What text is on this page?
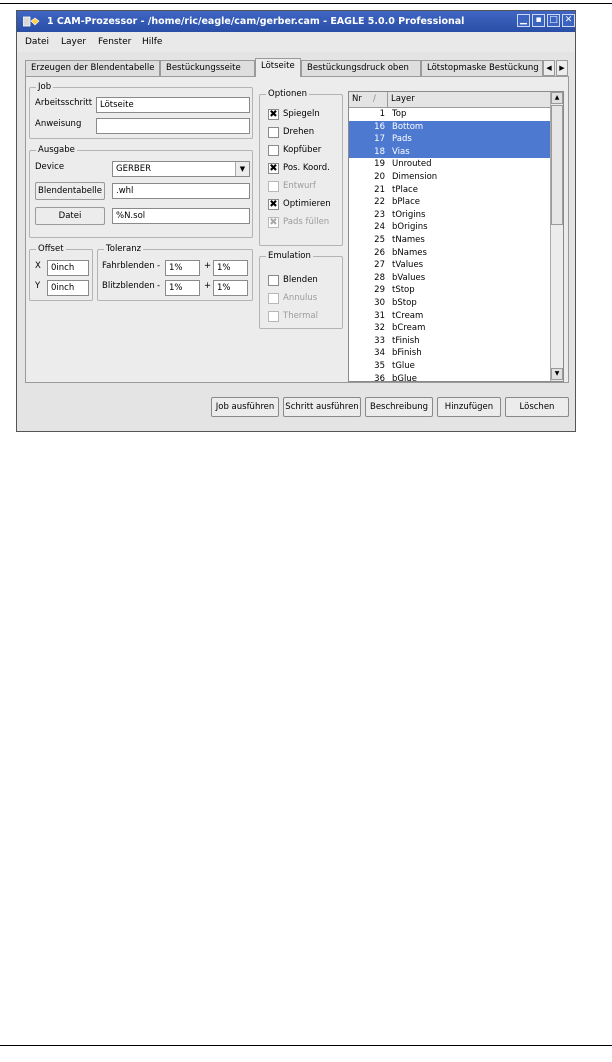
1 CAM-Prozessor - /home/ric/eagle/cam/gerber.cam - EAGLE 5.0.0 Professional	▁ ▪ □ ✕
Datei Layer Fenster Hilfe
Erzeugen der Blendentabelle	Bestückungsseite	Lötseite	Bestückungsdruck oben	Lötstopmaske Bestückung	◀	▶
Job
Arbeitsschritt Lötseite
Anweisung
Ausgabe
Device	GERBER	▼
Blendentabelle	.whl
Datei	%N.sol
Offset
X	0inch
Y	0inch
Toleranz
Fahrblenden -	1%	+ 1%
Blitzblenden -	1%	+ 1%
Optionen
✖ Spiegeln
Drehen
Kopfüber
✖ Pos. Koord.
Entwurf
✖ Optimieren
✖ Pads füllen
Emulation
Blenden
Annulus
Thermal
Nr /	Layer
1 Top
16 Bottom
17 Pads
18 Vias
19 Unrouted
20 Dimension
21 tPlace
22 bPlace
23 tOrigins
24 bOrigins
25 tNames
26 bNames
27 tValues
28 bValues
29 tStop
30 bStop
31 tCream
32 bCream
33 tFinish
34 bFinish
35 tGlue
36 bGlue
▲
▼
Job ausführen	Schritt ausführen	Beschreibung	Hinzufügen	Löschen
